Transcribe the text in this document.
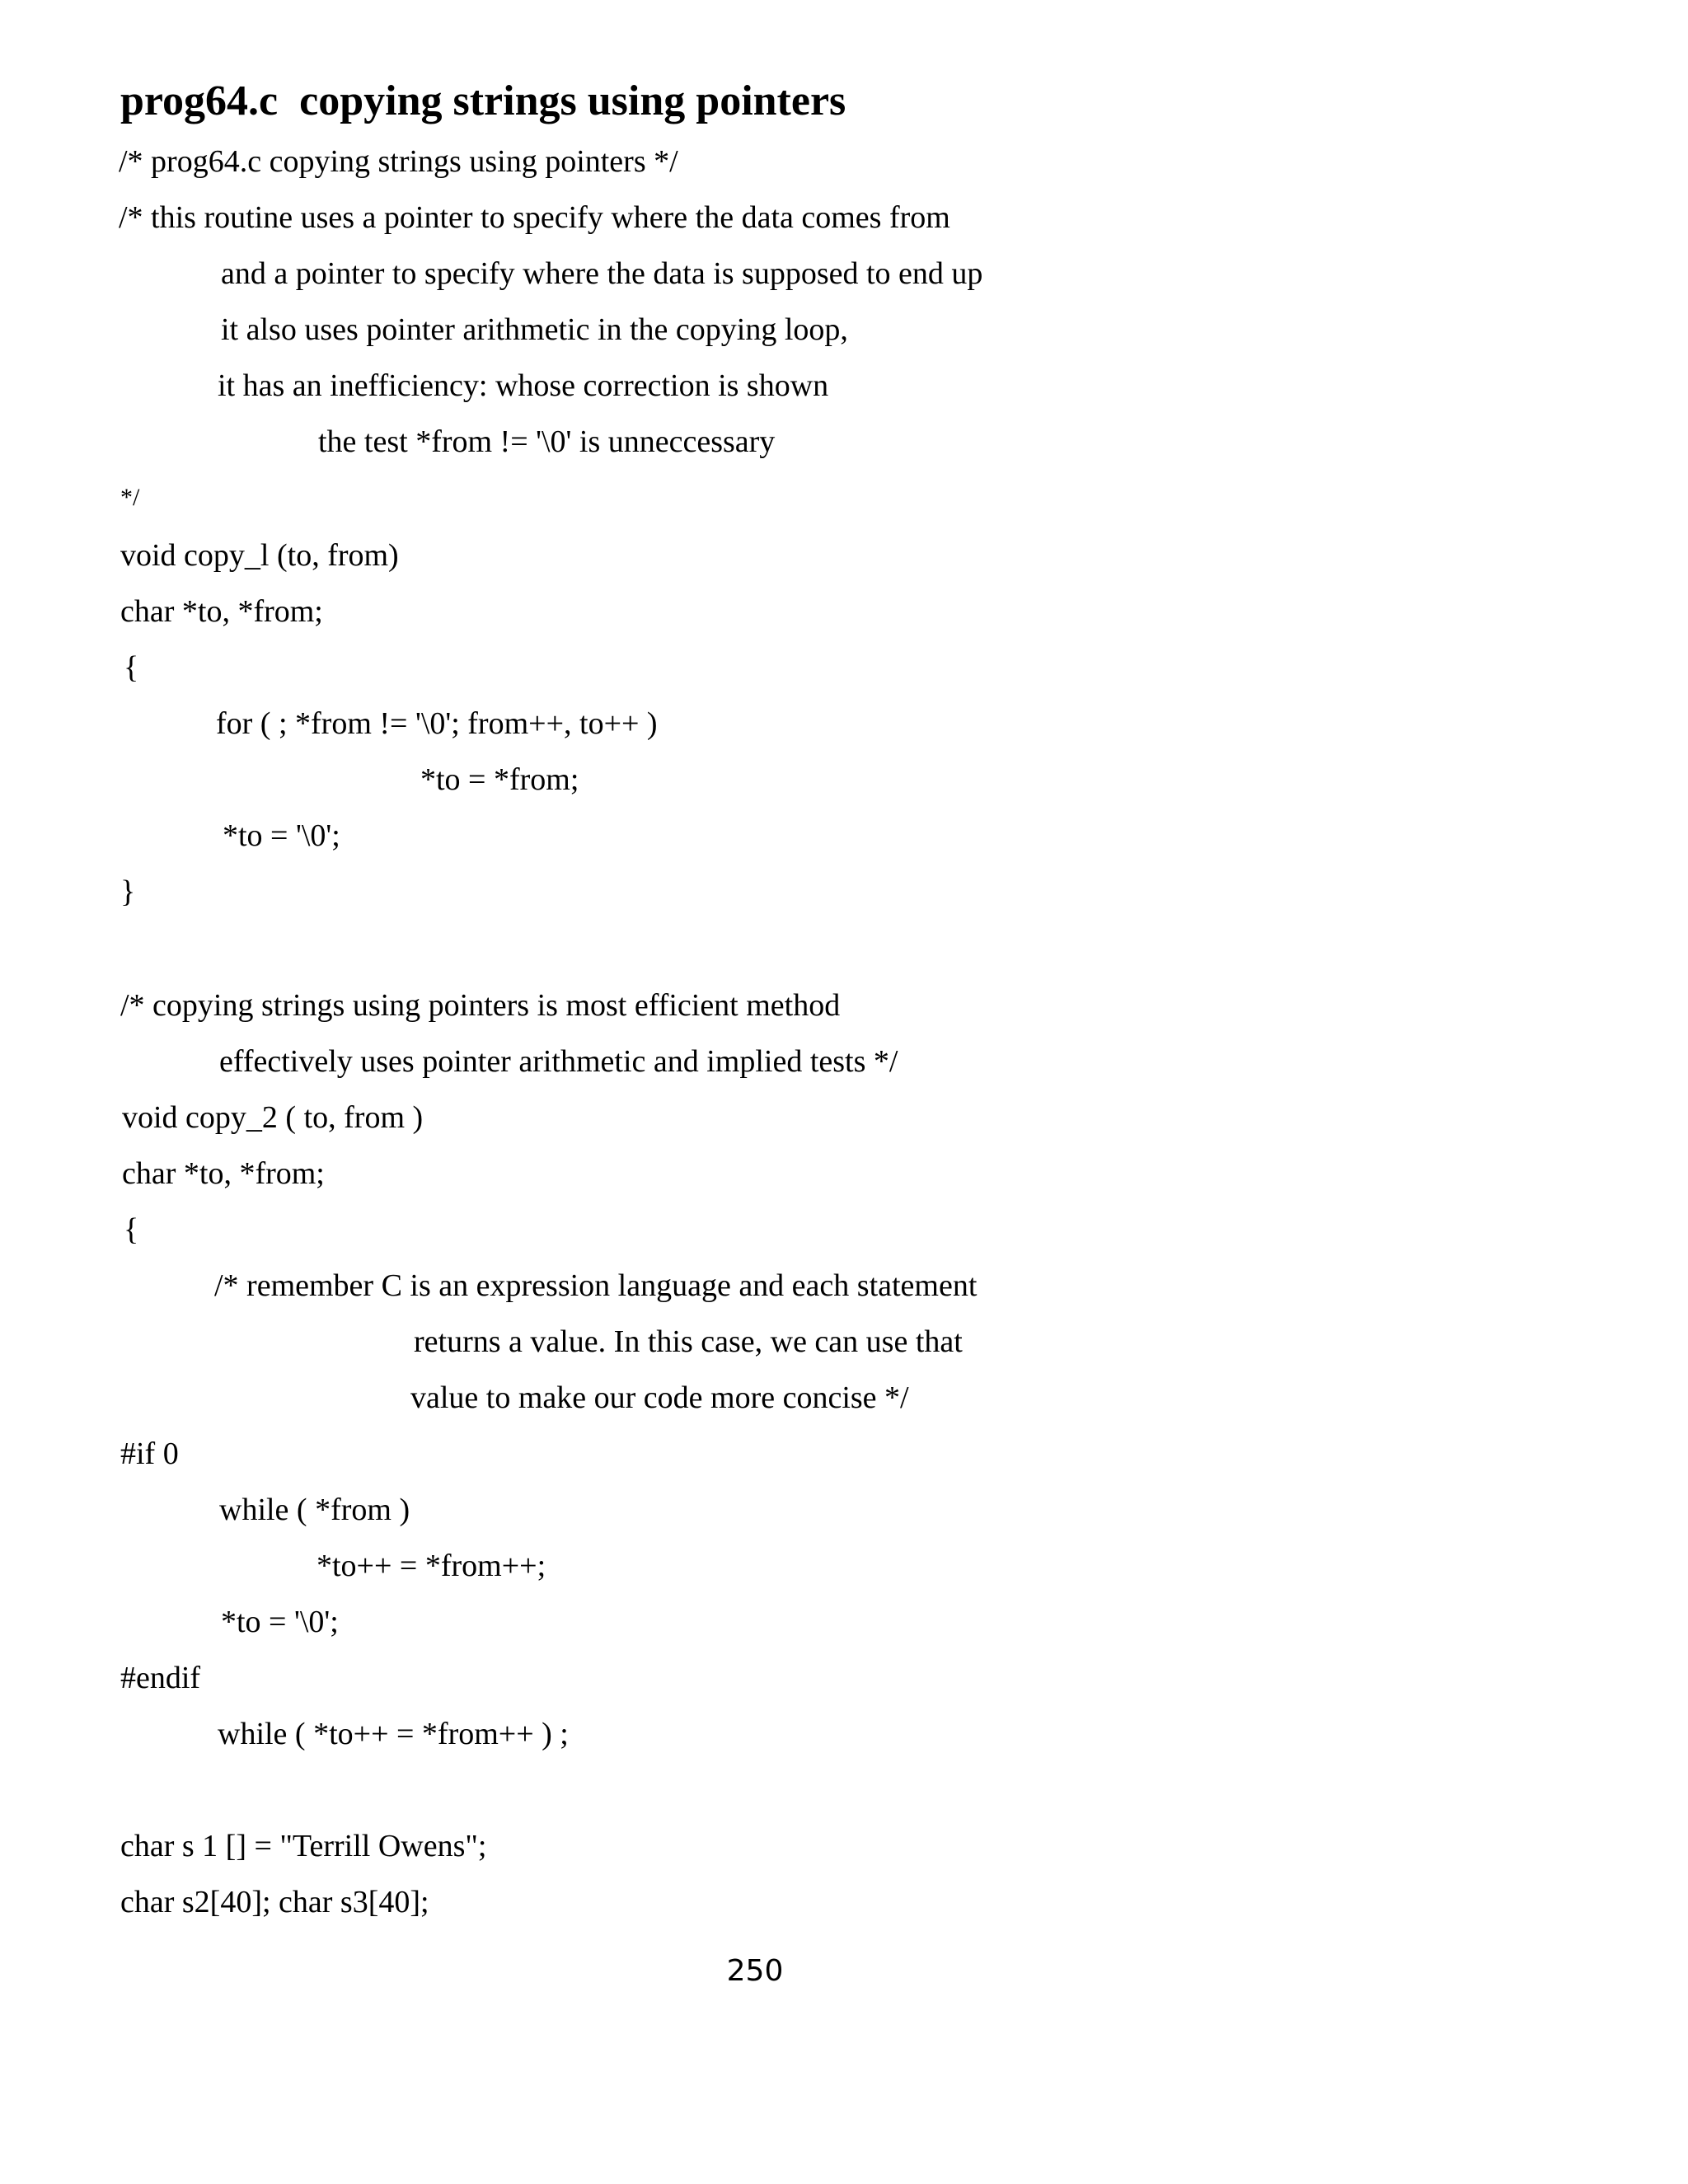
prog64.c  copying strings using pointers
/* prog64.c copying strings using pointers */
/* this routine uses a pointer to specify where the data comes from
and a pointer to specify where the data is supposed to end up
it also uses pointer arithmetic in the copying loop,
it has an inefficiency: whose correction is shown
the test *from != '\0' is unneccessary
*/
void copy_l (to, from)
char *to, *from;
{
for ( ; *from != '\0'; from++, to++ )
*to = *from;
*to = '\0';
}
/* copying strings using pointers is most efficient method
effectively uses pointer arithmetic and implied tests */
void copy_2 ( to, from )
char *to, *from;
{
/* remember C is an expression language and each statement
returns a value. In this case, we can use that
value to make our code more concise */
#if 0
while ( *from )
*to++ = *from++;
*to = '\0';
#endif
while ( *to++ = *from++ ) ;
char s 1 [] = "Terrill Owens";
char s2[40]; char s3[40];
250
